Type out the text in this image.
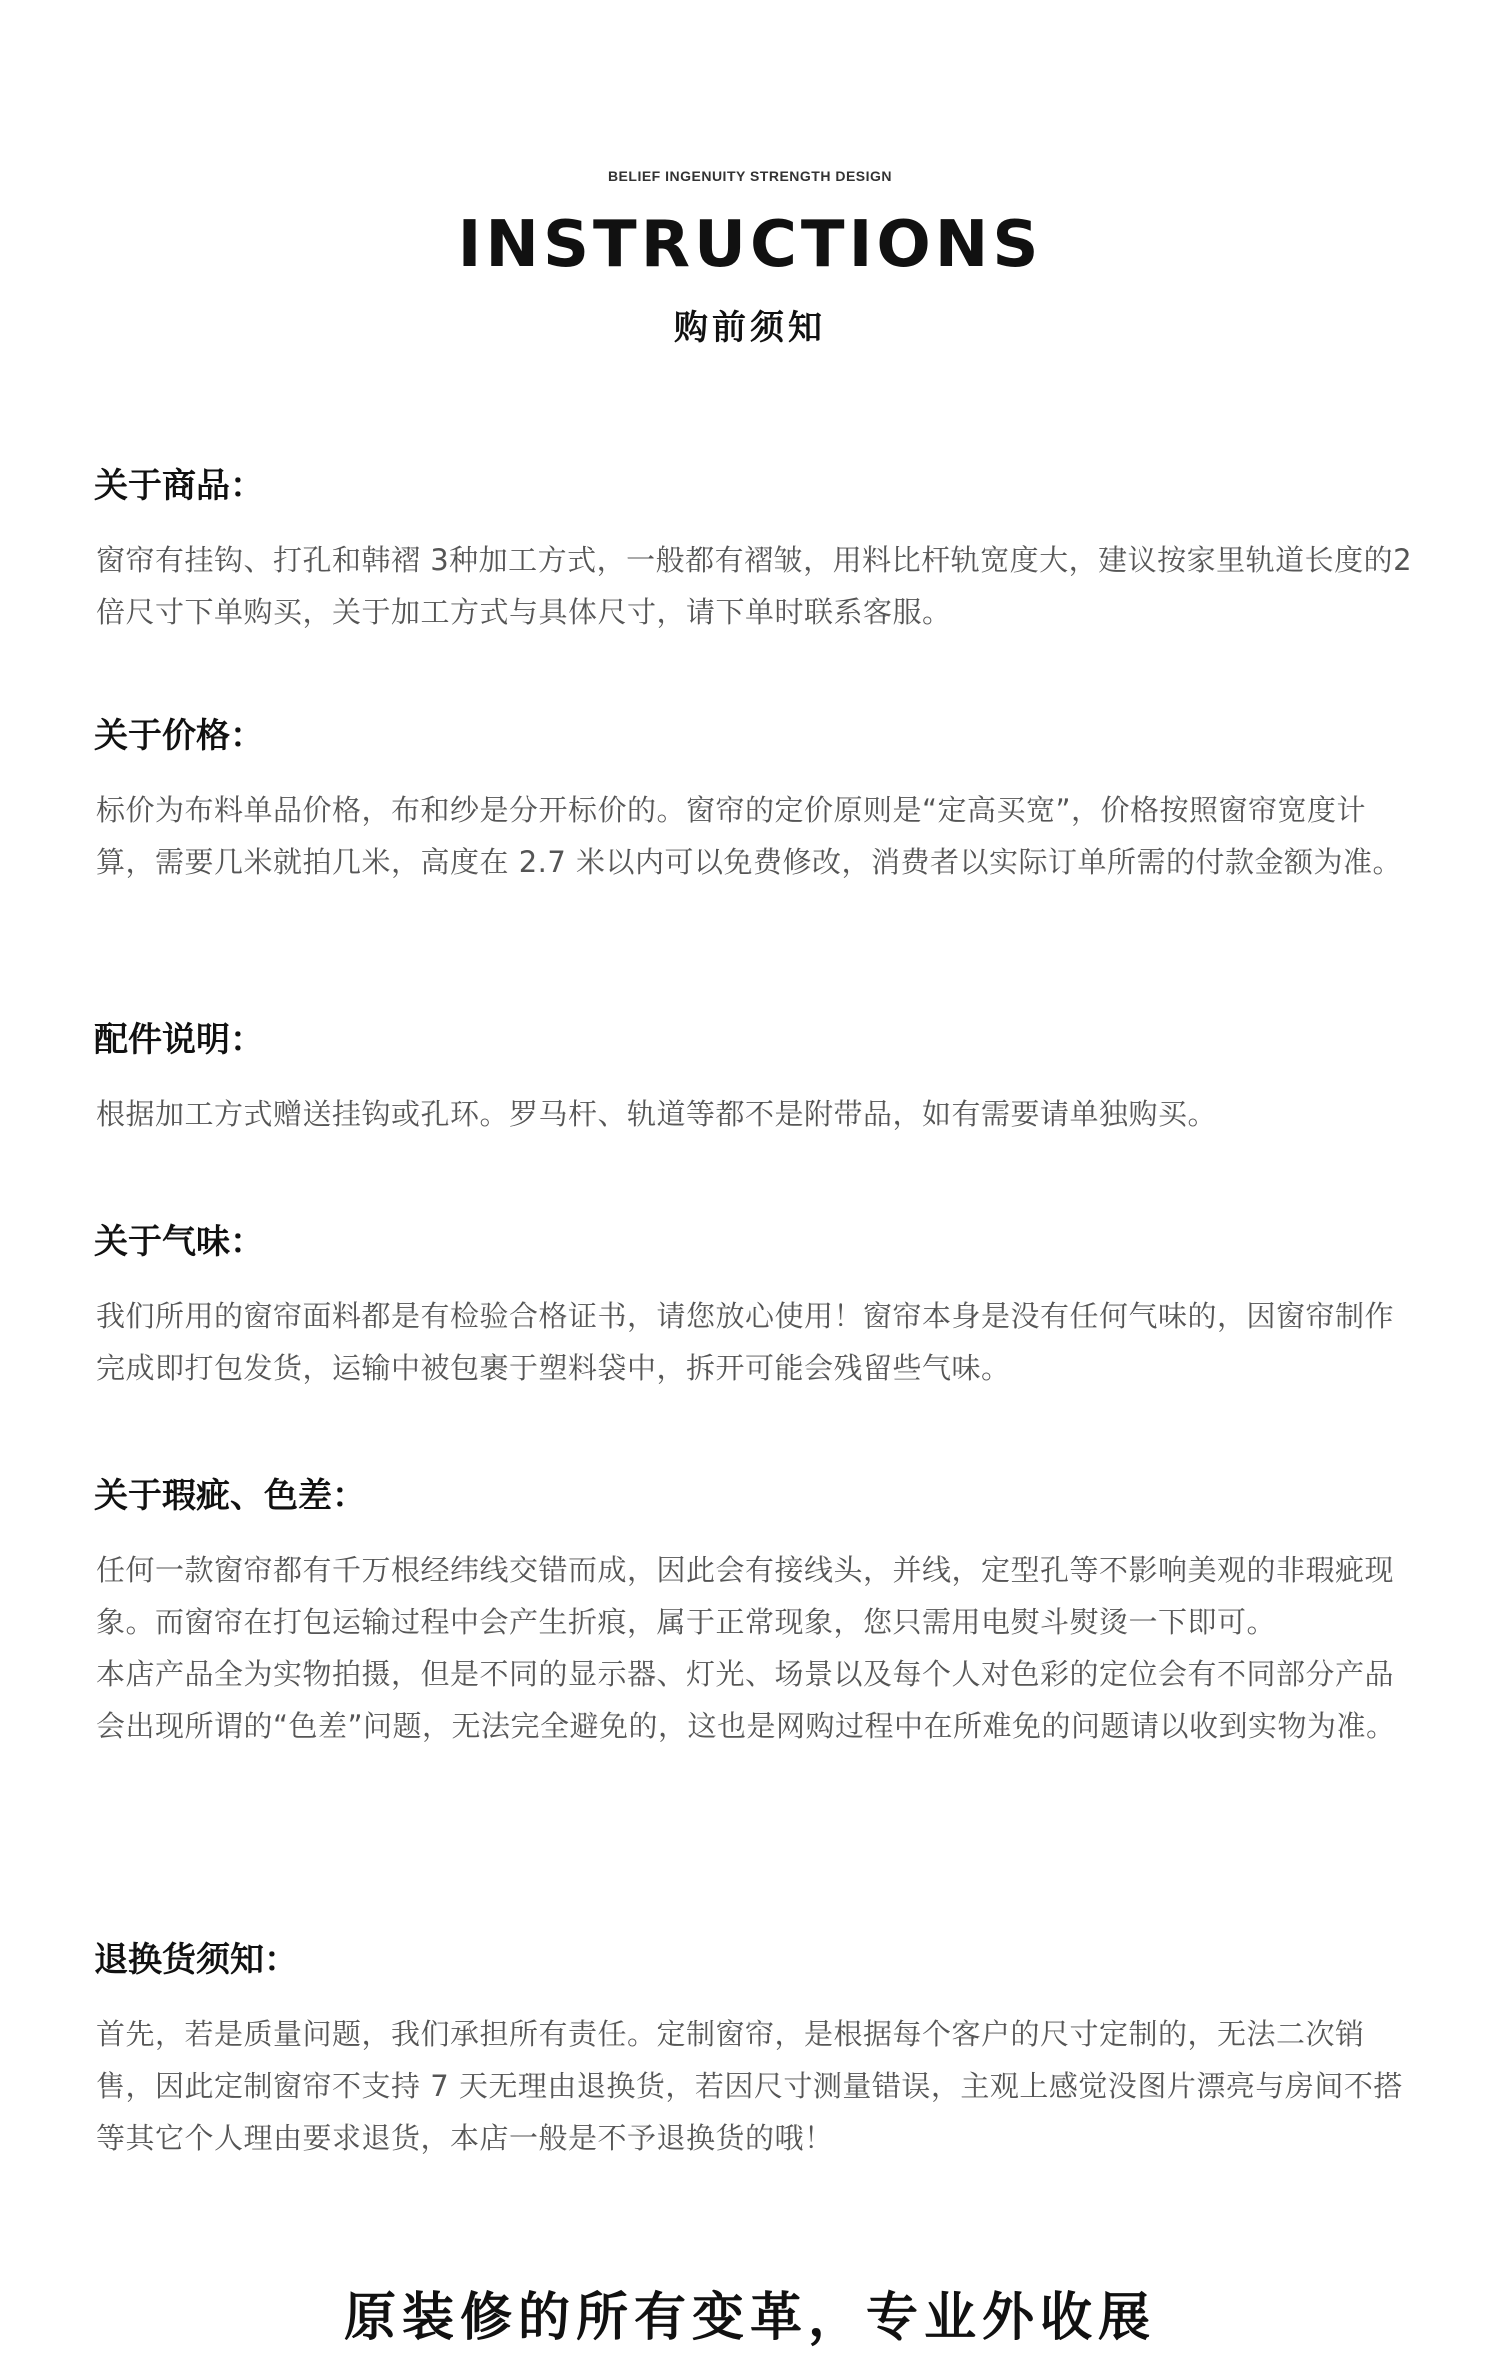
BELIEF INGENUITY STRENGTH DESIGN
INSTRUCTIONS
购前须知
关于商品：

窗帘有挂钩、打孔和韩褶 3种加工方式，一般都有褶皱，用料比杆轨宽度大，建议按家里轨道长度的2倍尺寸下单购买，关于加工方式与具体尺寸，请下单时联系客服。

关于价格：

标价为布料单品价格，布和纱是分开标价的。窗帘的定价原则是“定高买宽”，价格按照窗帘宽度计算，需要几米就拍几米，高度在 2.7 米以内可以免费修改，消费者以实际订单所需的付款金额为准。

配件说明：

根据加工方式赠送挂钩或孔环。罗马杆、轨道等都不是附带品，如有需要请单独购买。

关于气味：

我们所用的窗帘面料都是有检验合格证书，请您放心使用！窗帘本身是没有任何气味的，因窗帘制作完成即打包发货，运输中被包裹于塑料袋中，拆开可能会残留些气味。

关于瑕疵、色差：

任何一款窗帘都有千万根经纬线交错而成，因此会有接线头，并线，定型孔等不影响美观的非瑕疵现象。而窗帘在打包运输过程中会产生折痕，属于正常现象，您只需用电熨斗熨烫一下即可。

本店产品全为实物拍摄，但是不同的显示器、灯光、场景以及每个人对色彩的定位会有不同部分产品会出现所谓的“色差”问题，无法完全避免的，这也是网购过程中在所难免的问题请以收到实物为准。

退换货须知：

首先，若是质量问题，我们承担所有责任。定制窗帘，是根据每个客户的尺寸定制的，无法二次销售，因此定制窗帘不支持 7 天无理由退换货，若因尺寸测量错误，主观上感觉没图片漂亮与房间不搭等其它个人理由要求退货，本店一般是不予退换货的哦！

原装修的所有变革，专业外收展
